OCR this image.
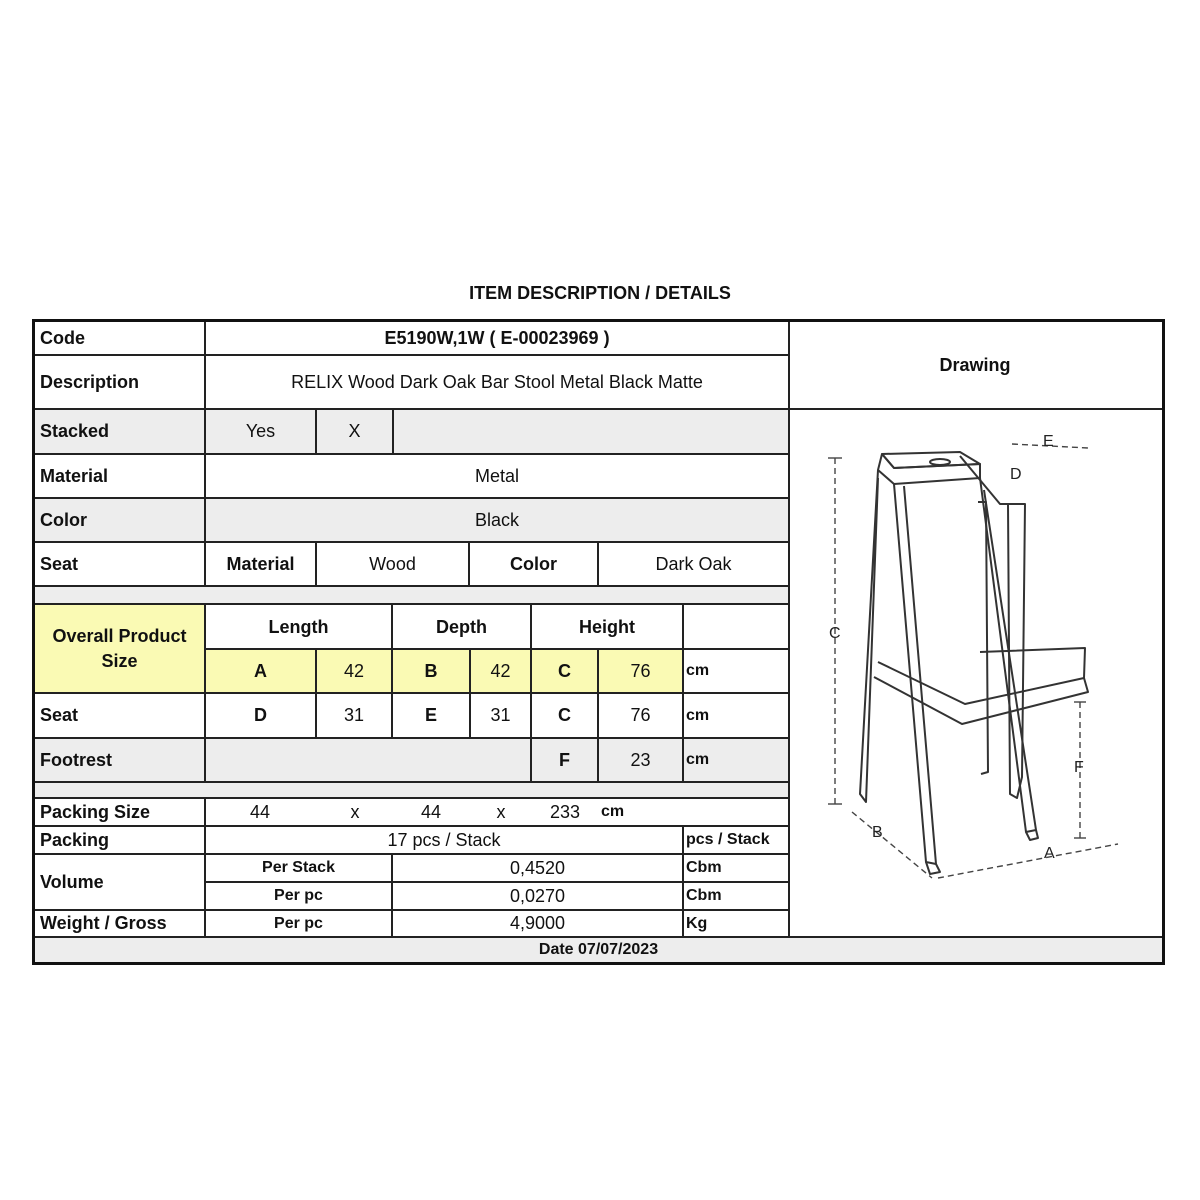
ITEM DESCRIPTION / DETAILS
Code	E5190W,1W ( E-00023969 )
Description	RELIX Wood Dark Oak Bar Stool Metal Black Matte
Drawing
Stacked	Yes	X
Material	Metal
Color	Black
Seat	Material	Wood	Color	Dark Oak
Overall Product Size
Length	Depth	Height
A	42	B	42	C	76	cm
Seat	D	31	E	31	C	76	cm
Footrest	F	23	cm
Packing Size	44	x	44	x	233	cm
Packing	17 pcs / Stack	pcs / Stack
Volume
Per Stack	0,4520	Cbm
Per pc	0,0270	Cbm
Weight / Gross	Per pc	4,9000	Kg
Date 07/07/2023
E
D
C
F
B
A
